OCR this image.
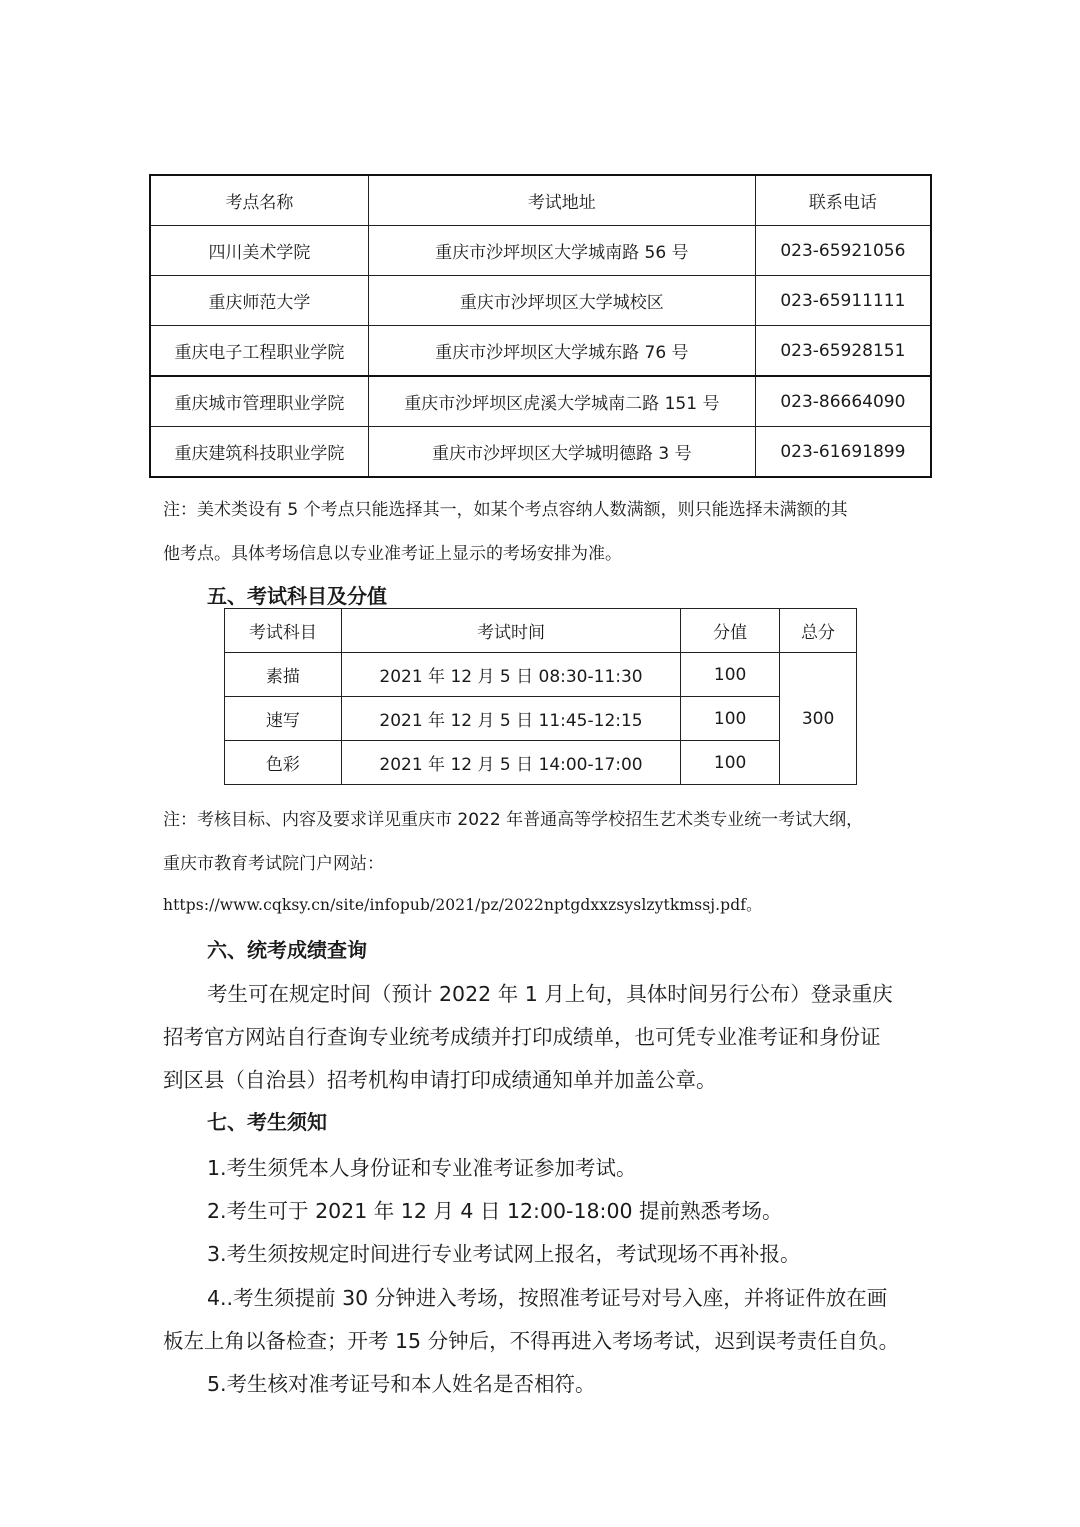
考点名称	考试地址	联系电话
四川美术学院	重庆市沙坪坝区大学城南路 56 号	023-65921056
重庆师范大学	重庆市沙坪坝区大学城校区	023-65911111
重庆电子工程职业学院	重庆市沙坪坝区大学城东路 76 号	023-65928151
重庆城市管理职业学院	重庆市沙坪坝区虎溪大学城南二路 151 号	023-86664090
重庆建筑科技职业学院	重庆市沙坪坝区大学城明德路 3 号	023-61691899
注：美术类设有 5 个考点只能选择其一，如某个考点容纳人数满额，则只能选择未满额的其
他考点。具体考场信息以专业准考证上显示的考场安排为准。
五、考试科目及分值
考试科目	考试时间	分值	总分
素描	2021 年 12 月 5 日 08:30-11:30	100	300
速写	2021 年 12 月 5 日 11:45-12:15	100	
色彩	2021 年 12 月 5 日 14:00-17:00	100	
注：考核目标、内容及要求详见重庆市 2022 年普通高等学校招生艺术类专业统一考试大纲，
重庆市教育考试院门户网站：
https://www.cqksy.cn/site/infopub/2021/pz/2022nptgdxxzsyslzytkmssj.pdf。
六、统考成绩查询
考生可在规定时间（预计 2022 年 1 月上旬，具体时间另行公布）登录重庆
招考官方网站自行查询专业统考成绩并打印成绩单，也可凭专业准考证和身份证
到区县（自治县）招考机构申请打印成绩通知单并加盖公章。
七、考生须知
1.考生须凭本人身份证和专业准考证参加考试。
2.考生可于 2021 年 12 月 4 日 12:00-18:00 提前熟悉考场。
3.考生须按规定时间进行专业考试网上报名，考试现场不再补报。
4..考生须提前 30 分钟进入考场，按照准考证号对号入座，并将证件放在画
板左上角以备检查；开考 15 分钟后，不得再进入考场考试，迟到误考责任自负。
5.考生核对准考证号和本人姓名是否相符。
